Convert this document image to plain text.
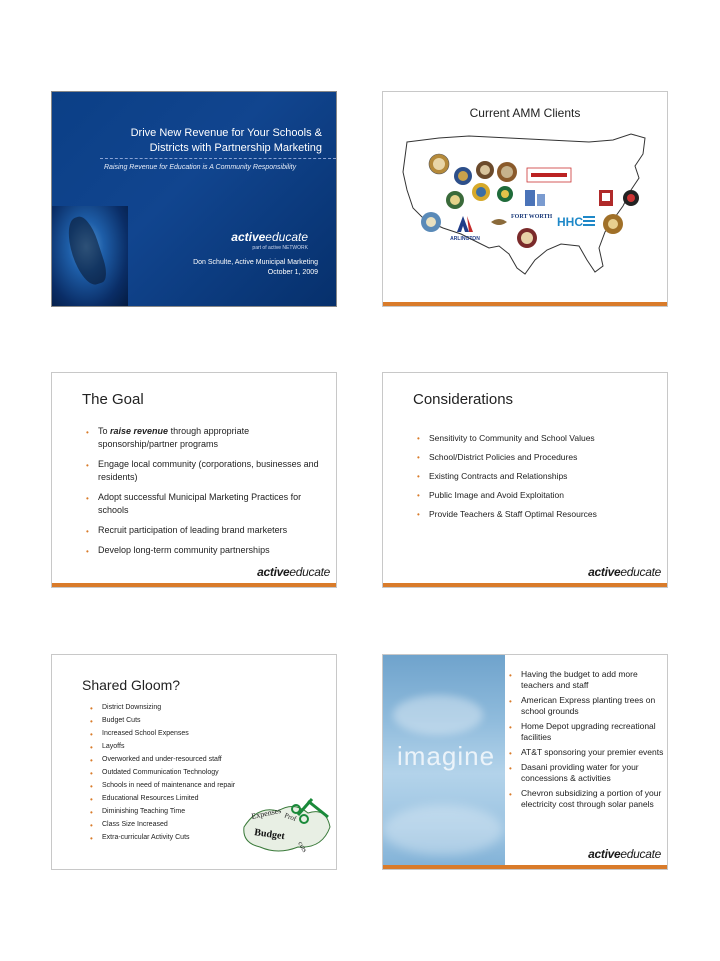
Drive New Revenue for Your Schools &
Districts with Partnership Marketing
Raising Revenue for Education is A Community Responsibility
activeeducate
part of active NETWORK
Don Schulte, Active Municipal Marketing
October 1, 2009
Current AMM Clients
ARLINGTON
FORT WORTH HHC
The Goal
• To raise revenue through appropriate sponsorship/partner programs
• Engage local community (corporations, businesses and residents)
• Adopt successful Municipal Marketing Practices for schools
• Recruit participation of leading brand marketers
• Develop long-term community partnerships
activeeducate
Considerations
• Sensitivity to Community and School Values
• School/District Policies and Procedures
• Existing Contracts and Relationships
• Public Image and Avoid Exploitation
• Provide Teachers & Staff Optimal Resources
activeeducate
Shared Gloom?
• District Downsizing
• Budget Cuts
• Increased School Expenses
• Layoffs
• Overworked and under-resourced staff
• Outdated Communication Technology
• Schools in need of maintenance and repair
• Educational Resources Limited
• Diminishing Teaching Time
• Class Size Increased
• Extra-curricular Activity Cuts
Expenses Prof
Budget
cuts
imagine
• Having the budget to add more teachers and staff
• American Express planting trees on school grounds
• Home Depot upgrading recreational facilities
• AT&T sponsoring your premier events
• Dasani providing water for your concessions & activities
• Chevron subsidizing a portion of your electricity cost through solar panels
activeeducate
